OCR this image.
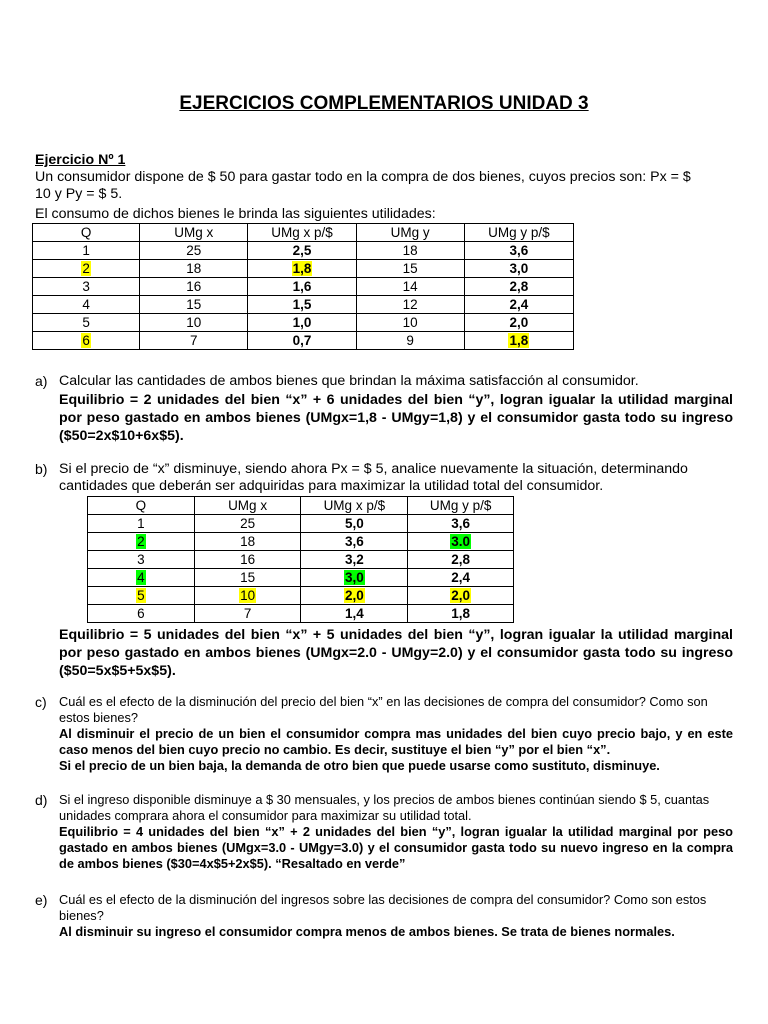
EJERCICIOS COMPLEMENTARIOS UNIDAD 3
Ejercicio Nº 1
Un consumidor dispone de $ 50 para gastar todo en la compra de dos bienes, cuyos precios son: Px = $
10 y Py = $ 5.
El consumo de dichos bienes le brinda las siguientes utilidades:
Q	UMg x	UMg x p/$	UMg y	UMg y p/$
1	25	2,5	18	3,6
2	18	1,8	15	3,0
3	16	1,6	14	2,8
4	15	1,5	12	2,4
5	10	1,0	10	2,0
6	7	0,7	9	1,8
a) Calcular las cantidades de ambos bienes que brindan la máxima satisfacción al consumidor.
Equilibrio = 2 unidades del bien “x” + 6 unidades del bien “y”, logran igualar la utilidad marginal por peso gastado en ambos bienes (UMgx=1,8 - UMgy=1,8) y el consumidor gasta todo su ingreso ($50=2x$10+6x$5).
b) Si el precio de “x” disminuye, siendo ahora Px = $ 5, analice nuevamente la situación, determinando
cantidades que deberán ser adquiridas para maximizar la utilidad total del consumidor.
Q	UMg x	UMg x p/$	UMg y p/$
1	25	5,0	3,6
2	18	3,6	3.0
3	16	3,2	2,8
4	15	3,0	2,4
5	10	2,0	2,0
6	7	1,4	1,8
Equilibrio = 5 unidades del bien “x” + 5 unidades del bien “y”, logran igualar la utilidad marginal por peso gastado en ambos bienes (UMgx=2.0 - UMgy=2.0) y el consumidor gasta todo su ingreso ($50=5x$5+5x$5).
c) Cuál es el efecto de la disminución del precio del bien “x” en las decisiones de compra del consumidor? Como son estos bienes?
Al disminuir el precio de un bien el consumidor compra mas unidades del bien cuyo precio bajo, y en este caso menos del bien cuyo precio no cambio. Es decir, sustituye el bien “y” por el bien “x”.
Si el precio de un bien baja, la demanda de otro bien que puede usarse como sustituto, disminuye.
d) Si el ingreso disponible disminuye a $ 30 mensuales, y los precios de ambos bienes continúan siendo $ 5, cuantas unidades comprara ahora el consumidor para maximizar su utilidad total.
Equilibrio = 4 unidades del bien “x” + 2 unidades del bien “y”, logran igualar la utilidad marginal por peso gastado en ambos bienes (UMgx=3.0 - UMgy=3.0) y el consumidor gasta todo su nuevo ingreso en la compra de ambos bienes ($30=4x$5+2x$5). “Resaltado en verde”
e) Cuál es el efecto de la disminución del ingresos sobre las decisiones de compra del consumidor? Como son estos bienes?
Al disminuir su ingreso el consumidor compra menos de ambos bienes. Se trata de bienes normales.
